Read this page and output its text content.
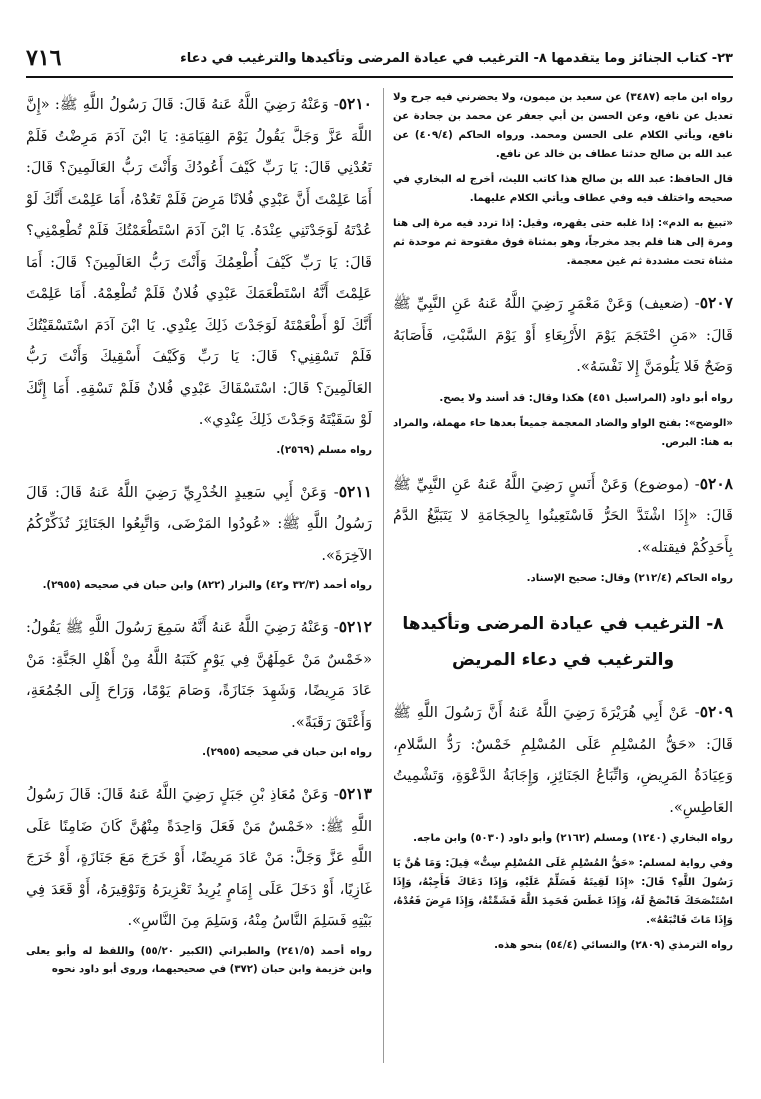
٢٣- كتاب الجنائز وما يتقدمها ٨- الترغيب في عيادة المرضى وتأكيدها والترغيب في دعاء
٧١٦

رواه ابن ماجه (٣٤٨٧) عن سعيد بن ميمون، ولا يحضرني فيه جرح ولا تعديل عن نافع، وعن الحسن بن أبي جعفر عن محمد بن جحادة عن نافع، ويأتي الكلام على الحسن ومحمد. ورواه الحاكم (٤٠٩/٤) عن عبد الله بن صالح حدثنا عطاف بن خالد عن نافع.

قال الحافظ: عبد الله بن صالح هذا كاتب الليث، أخرج له البخاري في صحيحه واختلف فيه وفي عطاف ويأتي الكلام عليهما.

«تبيغ به الدم»: إذا غلبه حتى يقهره، وقيل: إذا تردد فيه مرة إلى هنا ومرة إلى هنا فلم يجد مخرجاً، وهو بمثناة فوق مفتوحة ثم موحدة ثم مثناة تحت مشددة ثم غين معجمة.

٥٢٠٧- (ضعيف) وَعَنْ مَعْمَرٍ رَضِيَ اللَّهُ عَنهُ عَنِ النَّبِيِّ ﷺ قَالَ: «مَنِ احْتَجَمَ يَوْمَ الأَرْبِعَاءِ أَوْ يَوْمَ السَّبْتِ، فَأَصَابَهُ وَضَحٌ فَلا يَلُومَنَّ إِلا نَفْسَهُ».

رواه أبو داود (المراسيل ٤٥١) هكذا وقال: قد أسند ولا يصح.

«الوضح»: بفتح الواو والضاد المعجمة جميعاً بعدها حاء مهملة، والمراد به هنا: البرص.

٥٢٠٨- (موضوع) وَعَنْ أَنَسٍ رَضِيَ اللَّهُ عَنهُ عَنِ النَّبِيِّ ﷺ قَالَ: «إِذَا اشْتَدَّ الحَرُّ فَاسْتَعِينُوا بِالحِجَامَةِ لا يَتَبَيَّغُ الدَّمُ بِأَحَدِكُمْ فيقتله».

رواه الحاكم (٢١٢/٤) وقال: صحيح الإسناد.

٨- الترغيب في عيادة المرضى وتأكيدها
والترغيب في دعاء المريض

٥٢٠٩- عَنْ أَبِي هُرَيْرَةَ رَضِيَ اللَّهُ عَنهُ أَنَّ رَسُولَ اللَّهِ ﷺ قَالَ: «حَقُّ المُسْلِمِ عَلَى المُسْلِمِ خَمْسٌ: رَدُّ السَّلامِ، وَعِيَادَةُ المَرِيضِ، وَاتِّبَاعُ الجَنَائِزِ، وَإِجَابَةُ الدَّعْوَةِ، وَتَشْمِيتُ العَاطِسِ».

رواه البخاري (١٢٤٠) ومسلم (٢١٦٢) وأبو داود (٥٠٣٠) وابن ماجه.

وفي رواية لمسلم: «حَقُّ المُسْلِمِ عَلَى المُسْلِمِ سِتٌّ» قِيلَ: وَمَا هُنَّ يَا رَسُولَ اللَّهِ؟ قَالَ: «إِذَا لَقِيتَهُ فَسَلِّمْ عَلَيْهِ، وَإِذَا دَعَاكَ فَأَجِبْهُ، وَإِذَا اسْتَنْصَحَكَ فَانْصَحْ لَهُ، وَإِذَا عَطَسَ فَحَمِدَ اللَّهَ فَشَمِّتْهُ، وَإِذَا مَرِضَ فَعُدْهُ، وَإِذَا مَاتَ فَاتْبَعْهُ».

رواه الترمذي (٢٨٠٩) والنسائي (٥٤/٤) بنحو هذه.

٥٢١٠- وَعَنْهُ رَضِيَ اللَّهُ عَنهُ قَالَ: قَالَ رَسُولُ اللَّهِ ﷺ: «إِنَّ اللَّهَ عَزَّ وَجَلَّ يَقُولُ يَوْمَ القِيَامَةِ: يَا ابْنَ آدَمَ مَرِضْتُ فَلَمْ تَعُدْنِي قَالَ: يَا رَبِّ كَيْفَ أَعُودُكَ وَأَنْتَ رَبُّ العَالَمِينَ؟ قَالَ: أَمَا عَلِمْتَ أَنَّ عَبْدِي فُلانًا مَرِضَ فَلَمْ تَعُدْهُ، أَمَا عَلِمْتَ أَنَّكَ لَوْ عُدْتَهُ لَوَجَدْتَنِي عِنْدَهُ. يَا ابْنَ آدَمَ اسْتَطْعَمْتُكَ فَلَمْ تُطْعِمْنِي؟ قَالَ: يَا رَبِّ كَيْفَ أُطْعِمُكَ وَأَنْتَ رَبُّ العَالَمِينَ؟ قَالَ: أَمَا عَلِمْتَ أَنَّهُ اسْتَطْعَمَكَ عَبْدِي فُلانٌ فَلَمْ تُطْعِمْهُ. أَمَا عَلِمْتَ أَنَّكَ لَوْ أَطْعَمْتَهُ لَوَجَدْتَ ذَلِكَ عِنْدِي. يَا ابْنَ آدَمَ اسْتَسْقَيْتُكَ فَلَمْ تَسْقِنِي؟ قَالَ: يَا رَبِّ وَكَيْفَ أَسْقِيكَ وَأَنْتَ رَبُّ العَالَمِينَ؟ قَالَ: اسْتَسْقَاكَ عَبْدِي فُلانٌ فَلَمْ تَسْقِهِ. أَمَا إِنَّكَ لَوْ سَقَيْتَهُ وَجَدْتَ ذَلِكَ عِنْدِي».

رواه مسلم (٢٥٦٩).

٥٢١١- وَعَنْ أَبِي سَعِيدٍ الخُدْرِيِّ رَضِيَ اللَّهُ عَنهُ قَالَ: قَالَ رَسُولُ اللَّهِ ﷺ: «عُودُوا المَرْضَى، وَاتَّبِعُوا الجَنَائِزَ تُذَكِّرْكُمُ الآخِرَةَ».

رواه أحمد (٣٢/٣ و٤٢) والبزار (٨٢٢) وابن حبان في صحيحه (٢٩٥٥).

٥٢١٢- وَعَنْهُ رَضِيَ اللَّهُ عَنهُ أَنَّهُ سَمِعَ رَسُولَ اللَّهِ ﷺ يَقُولُ: «خَمْسٌ مَنْ عَمِلَهُنَّ فِي يَوْمٍ كَتَبَهُ اللَّهُ مِنْ أَهْلِ الجَنَّةِ: مَنْ عَادَ مَرِيضًا، وَشَهِدَ جَنَازَةً، وَصَامَ يَوْمًا، وَرَاحَ إِلَى الجُمُعَةِ، وَأَعْتَقَ رَقَبَةً».

رواه ابن حبان في صحيحه (٢٩٥٥).

٥٢١٣- وَعَنْ مُعَاذِ بْنِ جَبَلٍ رَضِيَ اللَّهُ عَنهُ قَالَ: قَالَ رَسُولُ اللَّهِ ﷺ: «خَمْسٌ مَنْ فَعَلَ وَاحِدَةً مِنْهُنَّ كَانَ ضَامِنًا عَلَى اللَّهِ عَزَّ وَجَلَّ: مَنْ عَادَ مَرِيضًا، أَوْ خَرَجَ مَعَ جَنَازَةٍ، أَوْ خَرَجَ غَازِيًا، أَوْ دَخَلَ عَلَى إِمَامٍ يُرِيدُ تَعْزِيرَهُ وَتَوْقِيرَهُ، أَوْ قَعَدَ فِي بَيْتِهِ فَسَلِمَ النَّاسُ مِنْهُ، وَسَلِمَ مِنَ النَّاسِ».

رواه أحمد (٢٤١/٥) والطبراني (الكبير ٥٥/٢٠) واللفظ له وأبو يعلى وابن خزيمة وابن حبان (٣٧٢) في صحيحيهما، وروى أبو داود نحوه
